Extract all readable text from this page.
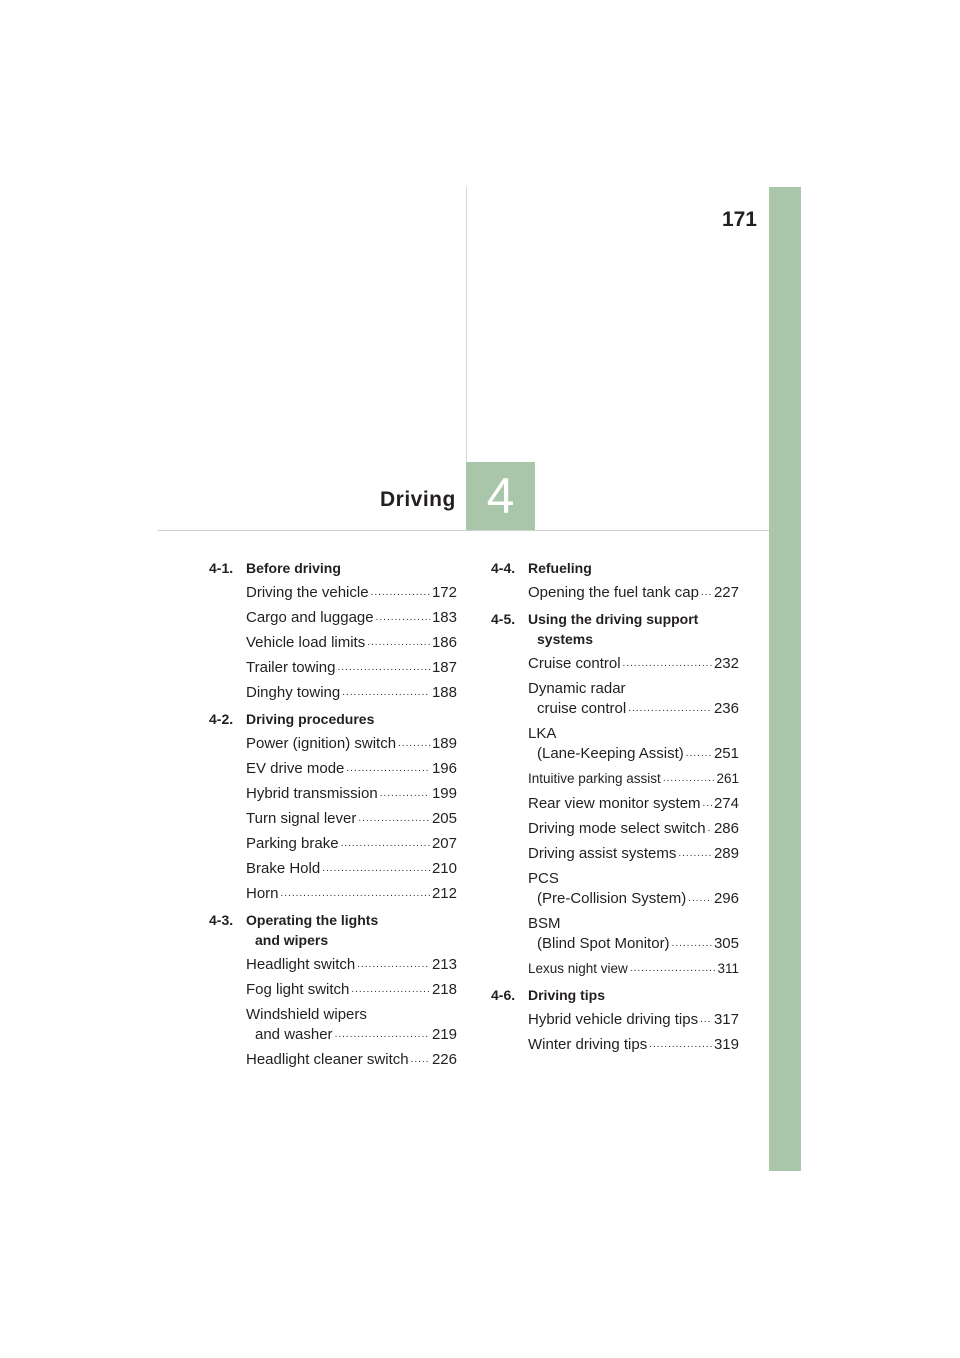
171
Driving 4
4-1. Before driving
Driving the vehicle .....	172
Cargo and luggage .....	183
Vehicle load limits .....	186
Trailer towing .....	187
Dinghy towing .....	188
4-2. Driving procedures
Power (ignition) switch ..... 189
EV drive mode .....	196
Hybrid transmission .....	199
Turn signal lever .....	205
Parking brake .....	207
Brake Hold .....	210
Horn .....	212
4-3. Operating the lights
and wipers
Headlight switch .....	213
Fog light switch .....	218
Windshield wipers
and washer .....	219
Headlight cleaner switch ..... 226
4-4. Refueling
Opening the fuel tank cap ..... 227
4-5. Using the driving support
systems
Cruise control .....	232
Dynamic radar
cruise control .....	236
LKA
(Lane-Keeping Assist) ..... 251
Intuitive parking assist .....	261
Rear view monitor system ..... 274
Driving mode select switch ..... 286
Driving assist systems .....	289
PCS
(Pre-Collision System) ..... 296
BSM
(Blind Spot Monitor) .....	305
Lexus night view .....	311
4-6. Driving tips
Hybrid vehicle driving tips ..... 317
Winter driving tips .....	319
